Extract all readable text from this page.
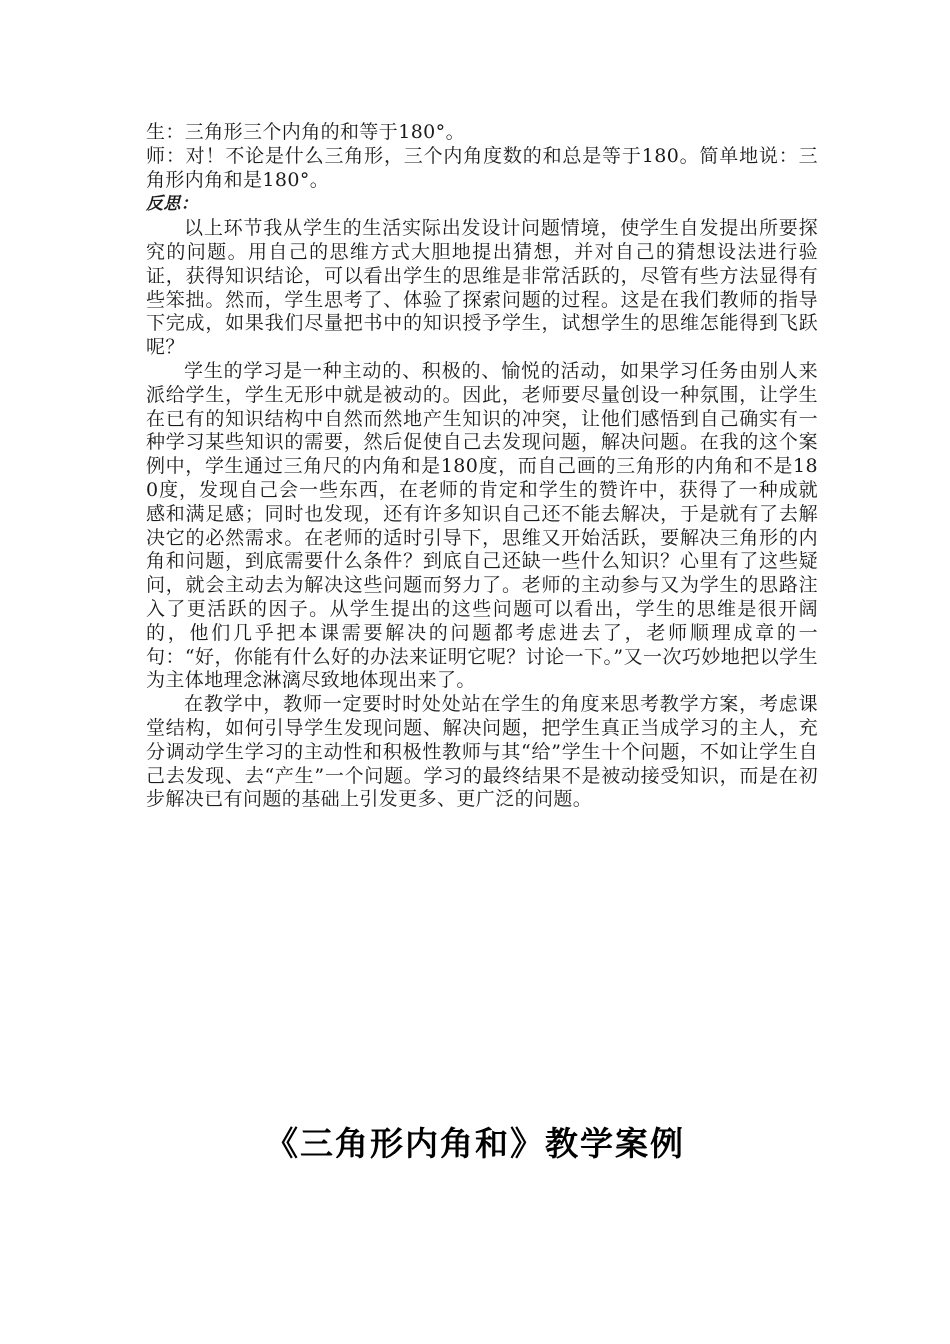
生：三角形三个内角的和等于180°。

师：对！不论是什么三角形，三个内角度数的和总是等于180。简单地说：三角形内角和是180°。

反思：

以上环节我从学生的生活实际出发设计问题情境，使学生自发提出所要探究的问题。用自己的思维方式大胆地提出猜想，并对自己的猜想设法进行验证，获得知识结论，可以看出学生的思维是非常活跃的，尽管有些方法显得有些笨拙。然而，学生思考了、体验了探索问题的过程。这是在我们教师的指导下完成，如果我们尽量把书中的知识授予学生，试想学生的思维怎能得到飞跃呢？

学生的学习是一种主动的、积极的、愉悦的活动，如果学习任务由别人来派给学生，学生无形中就是被动的。因此，老师要尽量创设一种氛围，让学生在已有的知识结构中自然而然地产生知识的冲突，让他们感悟到自己确实有一种学习某些知识的需要，然后促使自己去发现问题，解决问题。在我的这个案例中，学生通过三角尺的内角和是180度，而自己画的三角形的内角和不是180度，发现自己会一些东西，在老师的肯定和学生的赞许中，获得了一种成就感和满足感；同时也发现，还有许多知识自己还不能去解决，于是就有了去解决它的必然需求。在老师的适时引导下，思维又开始活跃，要解决三角形的内角和问题，到底需要什么条件？到底自己还缺一些什么知识？心里有了这些疑问，就会主动去为解决这些问题而努力了。老师的主动参与又为学生的思路注入了更活跃的因子。从学生提出的这些问题可以看出，学生的思维是很开阔的，他们几乎把本课需要解决的问题都考虑进去了，老师顺理成章的一句：“好，你能有什么好的办法来证明它呢？讨论一下。”又一次巧妙地把以学生为主体地理念淋漓尽致地体现出来了。

在教学中，教师一定要时时处处站在学生的角度来思考教学方案，考虑课堂结构，如何引导学生发现问题、解决问题，把学生真正当成学习的主人，充分调动学生学习的主动性和积极性教师与其“给”学生十个问题，不如让学生自己去发现、去“产生”一个问题。学习的最终结果不是被动接受知识，而是在初步解决已有问题的基础上引发更多、更广泛的问题。

《三角形内角和》教学案例
